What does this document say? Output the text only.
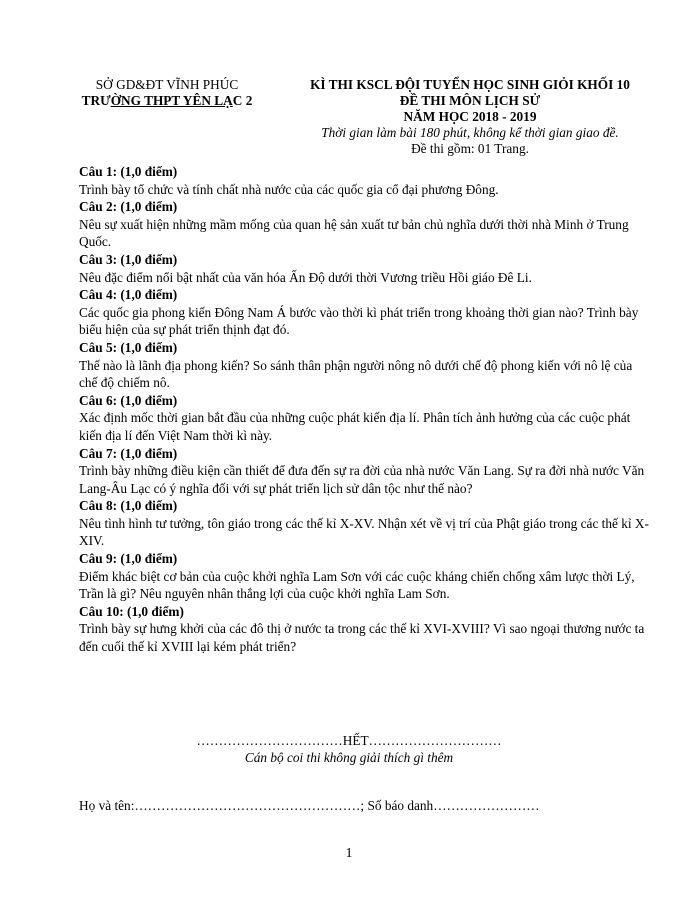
SỞ GD&ĐT VĨNH PHÚC
TRƯỜNG THPT YÊN LẠC 2
KÌ THI KSCL ĐỘI TUYỂN HỌC SINH GIỎI KHỐI 10
ĐỀ THI MÔN LỊCH SỬ
NĂM HỌC 2018 - 2019
Thời gian làm bài 180 phút, không kể thời gian giao đề.
Đề thi gồm: 01 Trang.
Câu 1: (1,0 điểm)
Trình bày tổ chức và tính chất nhà nước của các quốc gia cổ đại phương Đông.
Câu 2: (1,0 điểm)
Nêu sự xuất hiện những mầm mống của quan hệ sản xuất tư bản chủ nghĩa dưới thời nhà Minh ở Trung Quốc.
Câu 3: (1,0 điểm)
Nêu đặc điểm nổi bật nhất của văn hóa Ấn Độ dưới thời Vương triều Hồi giáo Đê Li.
Câu 4: (1,0 điểm)
Các quốc gia phong kiến Đông Nam Á bước vào thời kì phát triển trong khoảng thời gian nào? Trình bày biểu hiện của sự phát triển thịnh đạt đó.
Câu 5: (1,0 điểm)
Thế nào là lãnh địa phong kiến? So sánh thân phận người nông nô dưới chế độ phong kiến với nô lệ của chế độ chiếm nô.
Câu 6: (1,0 điểm)
Xác định mốc thời gian bắt đầu của những cuộc phát kiến địa lí. Phân tích ảnh hưởng của các cuộc phát kiến địa lí đến Việt Nam thời kì này.
Câu 7: (1,0 điểm)
Trình bày những điều kiện cần thiết để đưa đến sự ra đời của nhà nước Văn Lang. Sự ra đời nhà nước Văn Lang-Âu Lạc có ý nghĩa đối với sự phát triển lịch sử dân tộc như thế nào?
Câu 8: (1,0 điểm)
Nêu tình hình tư tưởng, tôn giáo trong các thế kỉ X-XV. Nhận xét về vị trí của Phật giáo trong các thế kỉ X-XIV.
Câu 9: (1,0 điểm)
Điểm khác biệt cơ bản của cuộc khởi nghĩa Lam Sơn với các cuộc kháng chiến chống xâm lược thời Lý, Trần là gì? Nêu nguyên nhân thắng lợi của cuộc khởi nghĩa Lam Sơn.
Câu 10: (1,0 điểm)
Trình bày sự hưng khởi của các đô thị ở nước ta trong các thế kỉ XVI-XVIII? Vì sao ngoại thương nước ta đến cuối thế kỉ XVIII lại kém phát triển?
……………………………HẾT…………………………
Cán bộ coi thi không giải thích gì thêm
Họ và tên:……………………………………………; Số báo danh……………………
1
